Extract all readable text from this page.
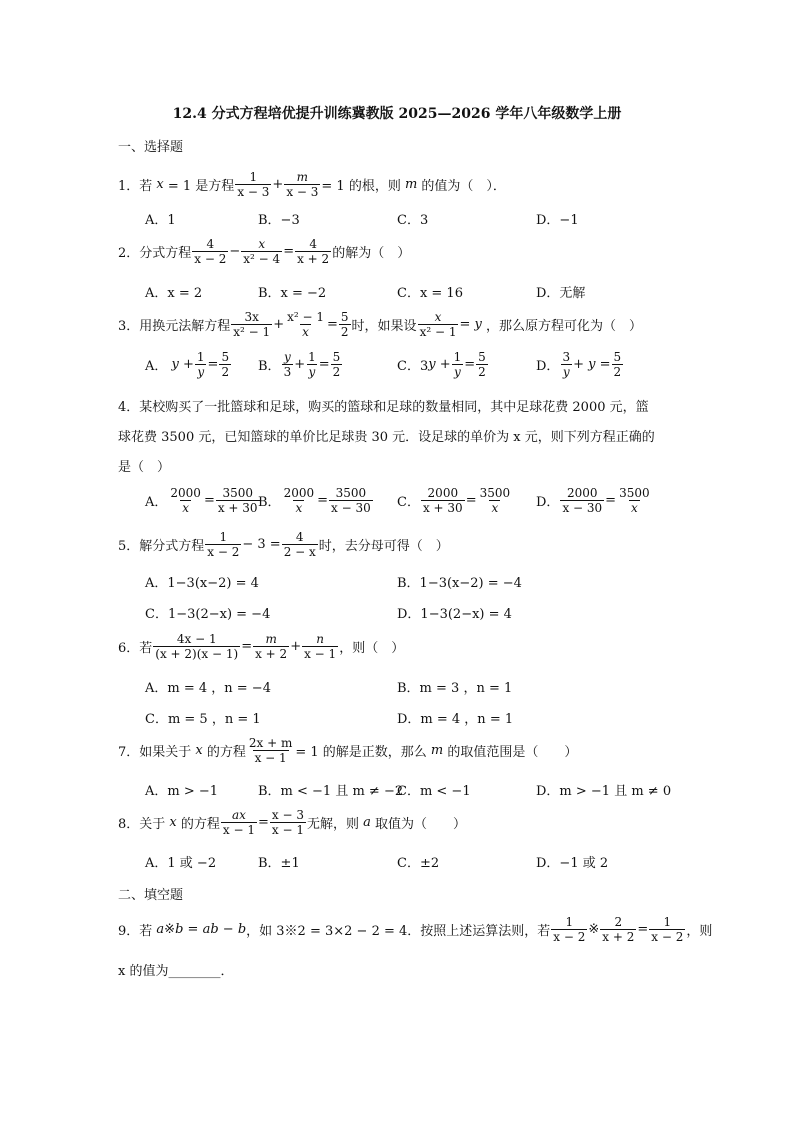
12.4 分式方程培优提升训练冀教版 2025—2026 学年八年级数学上册
一、选择题
1．若 x = 1 是方程 $\frac{1}{x - 3} + \frac{m}{x - 3} = 1$ 的根，则 m 的值为（　）．
A．1	B．−3	C．3	D．−1
2．分式方程 $\frac{4}{x - 2} - \frac{x}{\text{x² − 4}} = \frac{4}{x + 2}$ 的解为（　）
A．x = 2	B．x = −2	C．x = 16	D．无解
3．用换元法解方程 $\frac{3x}{\text{x² − 1}} + \frac{\text{x² − 1}}{x} = \frac{5}{2}$ 时，如果设 $\frac{x}{\text{x² − 1}} = y$ ，那么原方程可化为（　）
A． $y + \frac{1}{y} = \frac{5}{2}$ B． $\frac{y}{3} + \frac{1}{y} = \frac{5}{2}$	C．3 $y + \frac{1}{y} = \frac{5}{2}$	D． $\frac{3}{y} + y = \frac{5}{2}$
4．某校购买了一批篮球和足球，购买的篮球和足球的数量相同，其中足球花费 2000 元，篮
球花费 3500 元，已知篮球的单价比足球贵 30 元．设足球的单价为 x 元，则下列方程正确的
是（　）
A． $\frac{2000}{x} = \frac{3500}{x + 30}$
B． $\frac{2000}{x} = \frac{3500}{x - 30}$ C． $\frac{2000}{x + 30} = \frac{3500}{x}$ D． $\frac{2000}{x - 30} = \frac{3500}{x}$
5．解分式方程 $\frac{1}{x - 2} - 3 = \frac{4}{2 - x}$ 时，去分母可得（　）
A．1−3(x−2) = 4	B．1−3(x−2) = −4
C．1−3(2−x) = −4	D．1−3(2−x) = 4
6．若 $\frac{4x - 1}{(x + 2)(x - 1)} = \frac{m}{x + 2} + \frac{n}{x - 1}$ ，则（　）
A．m = 4 ，n = −4	B．m = 3 ，n = 1
C．m = 5 ，n = 1	D．m = 4 ，n = 1
7．如果关于 x 的方程 $\frac{2x + m}{x - 1} = 1$ 的解是正数，那么 m 的取值范围是（　　）
A．m > −1	B．m < −1 且 m ≠ −2
C．m < −1	D．m > −1 且 m ≠ 0
8．关于 x 的方程 $\frac{ax}{x - 1} = \frac{x - 3}{x - 1}$ 无解，则 a 取值为（　　）
A．1 或 −2	B．±1	C．±2	D．−1 或 2
二、填空题
9．若 a ※ b = ab − b ，如 3※2 = 3×2 − 2 = 4．按照上述运算法则，若 $\frac{1}{x - 2}$ ※ $\frac{2}{x + 2} = \frac{1}{x - 2}$ ，则
x 的值为________．
